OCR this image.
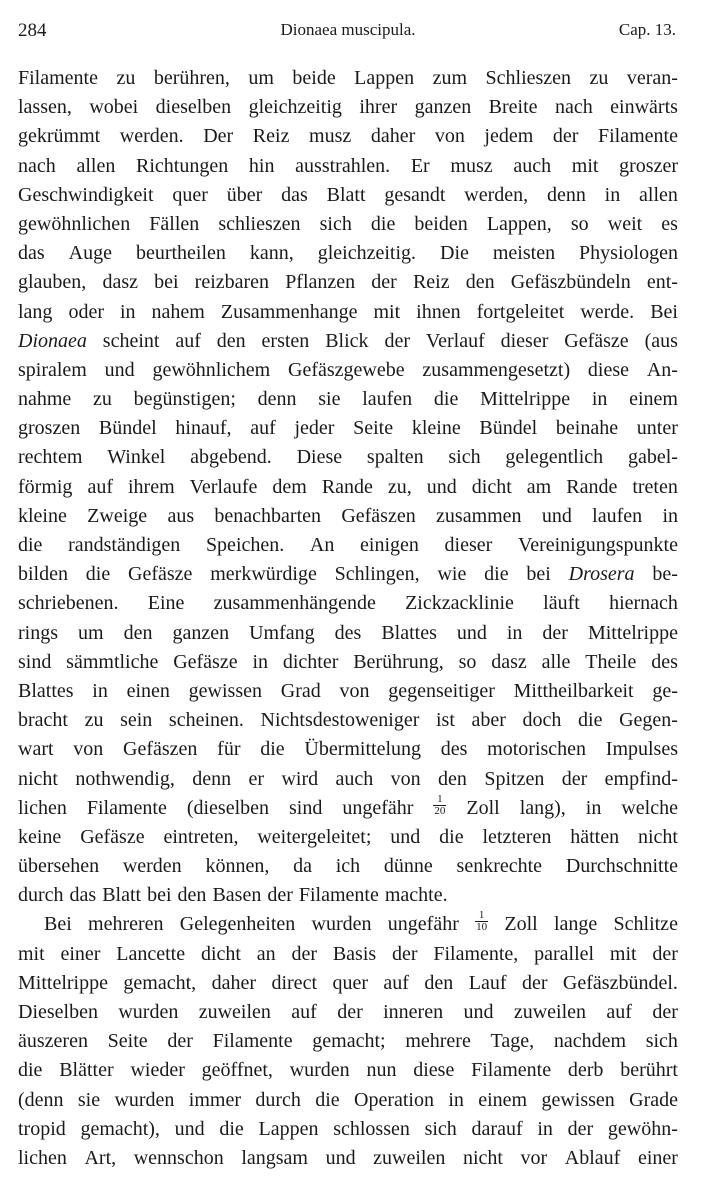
Dionaea muscipula.
284	Cap. 13.
Filamente zu berühren, um beide Lappen zum Schlieszen zu veran-
lassen, wobei dieselben gleichzeitig ihrer ganzen Breite nach einwärts
gekrümmt werden. Der Reiz musz daher von jedem der Filamente
nach allen Richtungen hin ausstrahlen. Er musz auch mit groszer
Geschwindigkeit quer über das Blatt gesandt werden, denn in allen
gewöhnlichen Fällen schlieszen sich die beiden Lappen, so weit es
das Auge beurtheilen kann, gleichzeitig. Die meisten Physiologen
glauben, dasz bei reizbaren Pflanzen der Reiz den Gefäszbündeln ent-
lang oder in nahem Zusammenhange mit ihnen fortgeleitet werde. Bei
Dionaea scheint auf den ersten Blick der Verlauf dieser Gefäsze (aus
spiralem und gewöhnlichem Gefäszgewebe zusammengesetzt) diese An-
nahme zu begünstigen; denn sie laufen die Mittelrippe in einem
groszen Bündel hinauf, auf jeder Seite kleine Bündel beinahe unter
rechtem Winkel abgebend. Diese spalten sich gelegentlich gabel-
förmig auf ihrem Verlaufe dem Rande zu, und dicht am Rande treten
kleine Zweige aus benachbarten Gefäszen zusammen und laufen in
die randständigen Speichen. An einigen dieser Vereinigungspunkte
bilden die Gefäsze merkwürdige Schlingen, wie die bei Drosera be-
schriebenen. Eine zusammenhängende Zickzacklinie läuft hiernach
rings um den ganzen Umfang des Blattes und in der Mittelrippe
sind sämmtliche Gefäsze in dichter Berührung, so dasz alle Theile des
Blattes in einen gewissen Grad von gegenseitiger Mittheilbarkeit ge-
bracht zu sein scheinen. Nichtsdestoweniger ist aber doch die Gegen-
wart von Gefäszen für die Übermittelung des motorischen Impulses
nicht nothwendig, denn er wird auch von den Spitzen der empfind-
lichen Filamente (dieselben sind ungefähr $\frac{1}{20}$ Zoll lang), in welche
keine Gefäsze eintreten, weitergeleitet; und die letzteren hätten nicht
übersehen werden können, da ich dünne senkrechte Durchschnitte
durch das Blatt bei den Basen der Filamente machte.
Bei mehreren Gelegenheiten wurden ungefähr $\frac{1}{10}$ Zoll lange Schlitze
mit einer Lancette dicht an der Basis der Filamente, parallel mit der
Mittelrippe gemacht, daher direct quer auf den Lauf der Gefäszbündel.
Dieselben wurden zuweilen auf der inneren und zuweilen auf der
äuszeren Seite der Filamente gemacht; mehrere Tage, nachdem sich
die Blätter wieder geöffnet, wurden nun diese Filamente derb berührt
(denn sie wurden immer durch die Operation in einem gewissen Grade
tropid gemacht), und die Lappen schlossen sich darauf in der gewöhn-
lichen Art, wennschon langsam und zuweilen nicht vor Ablauf einer
